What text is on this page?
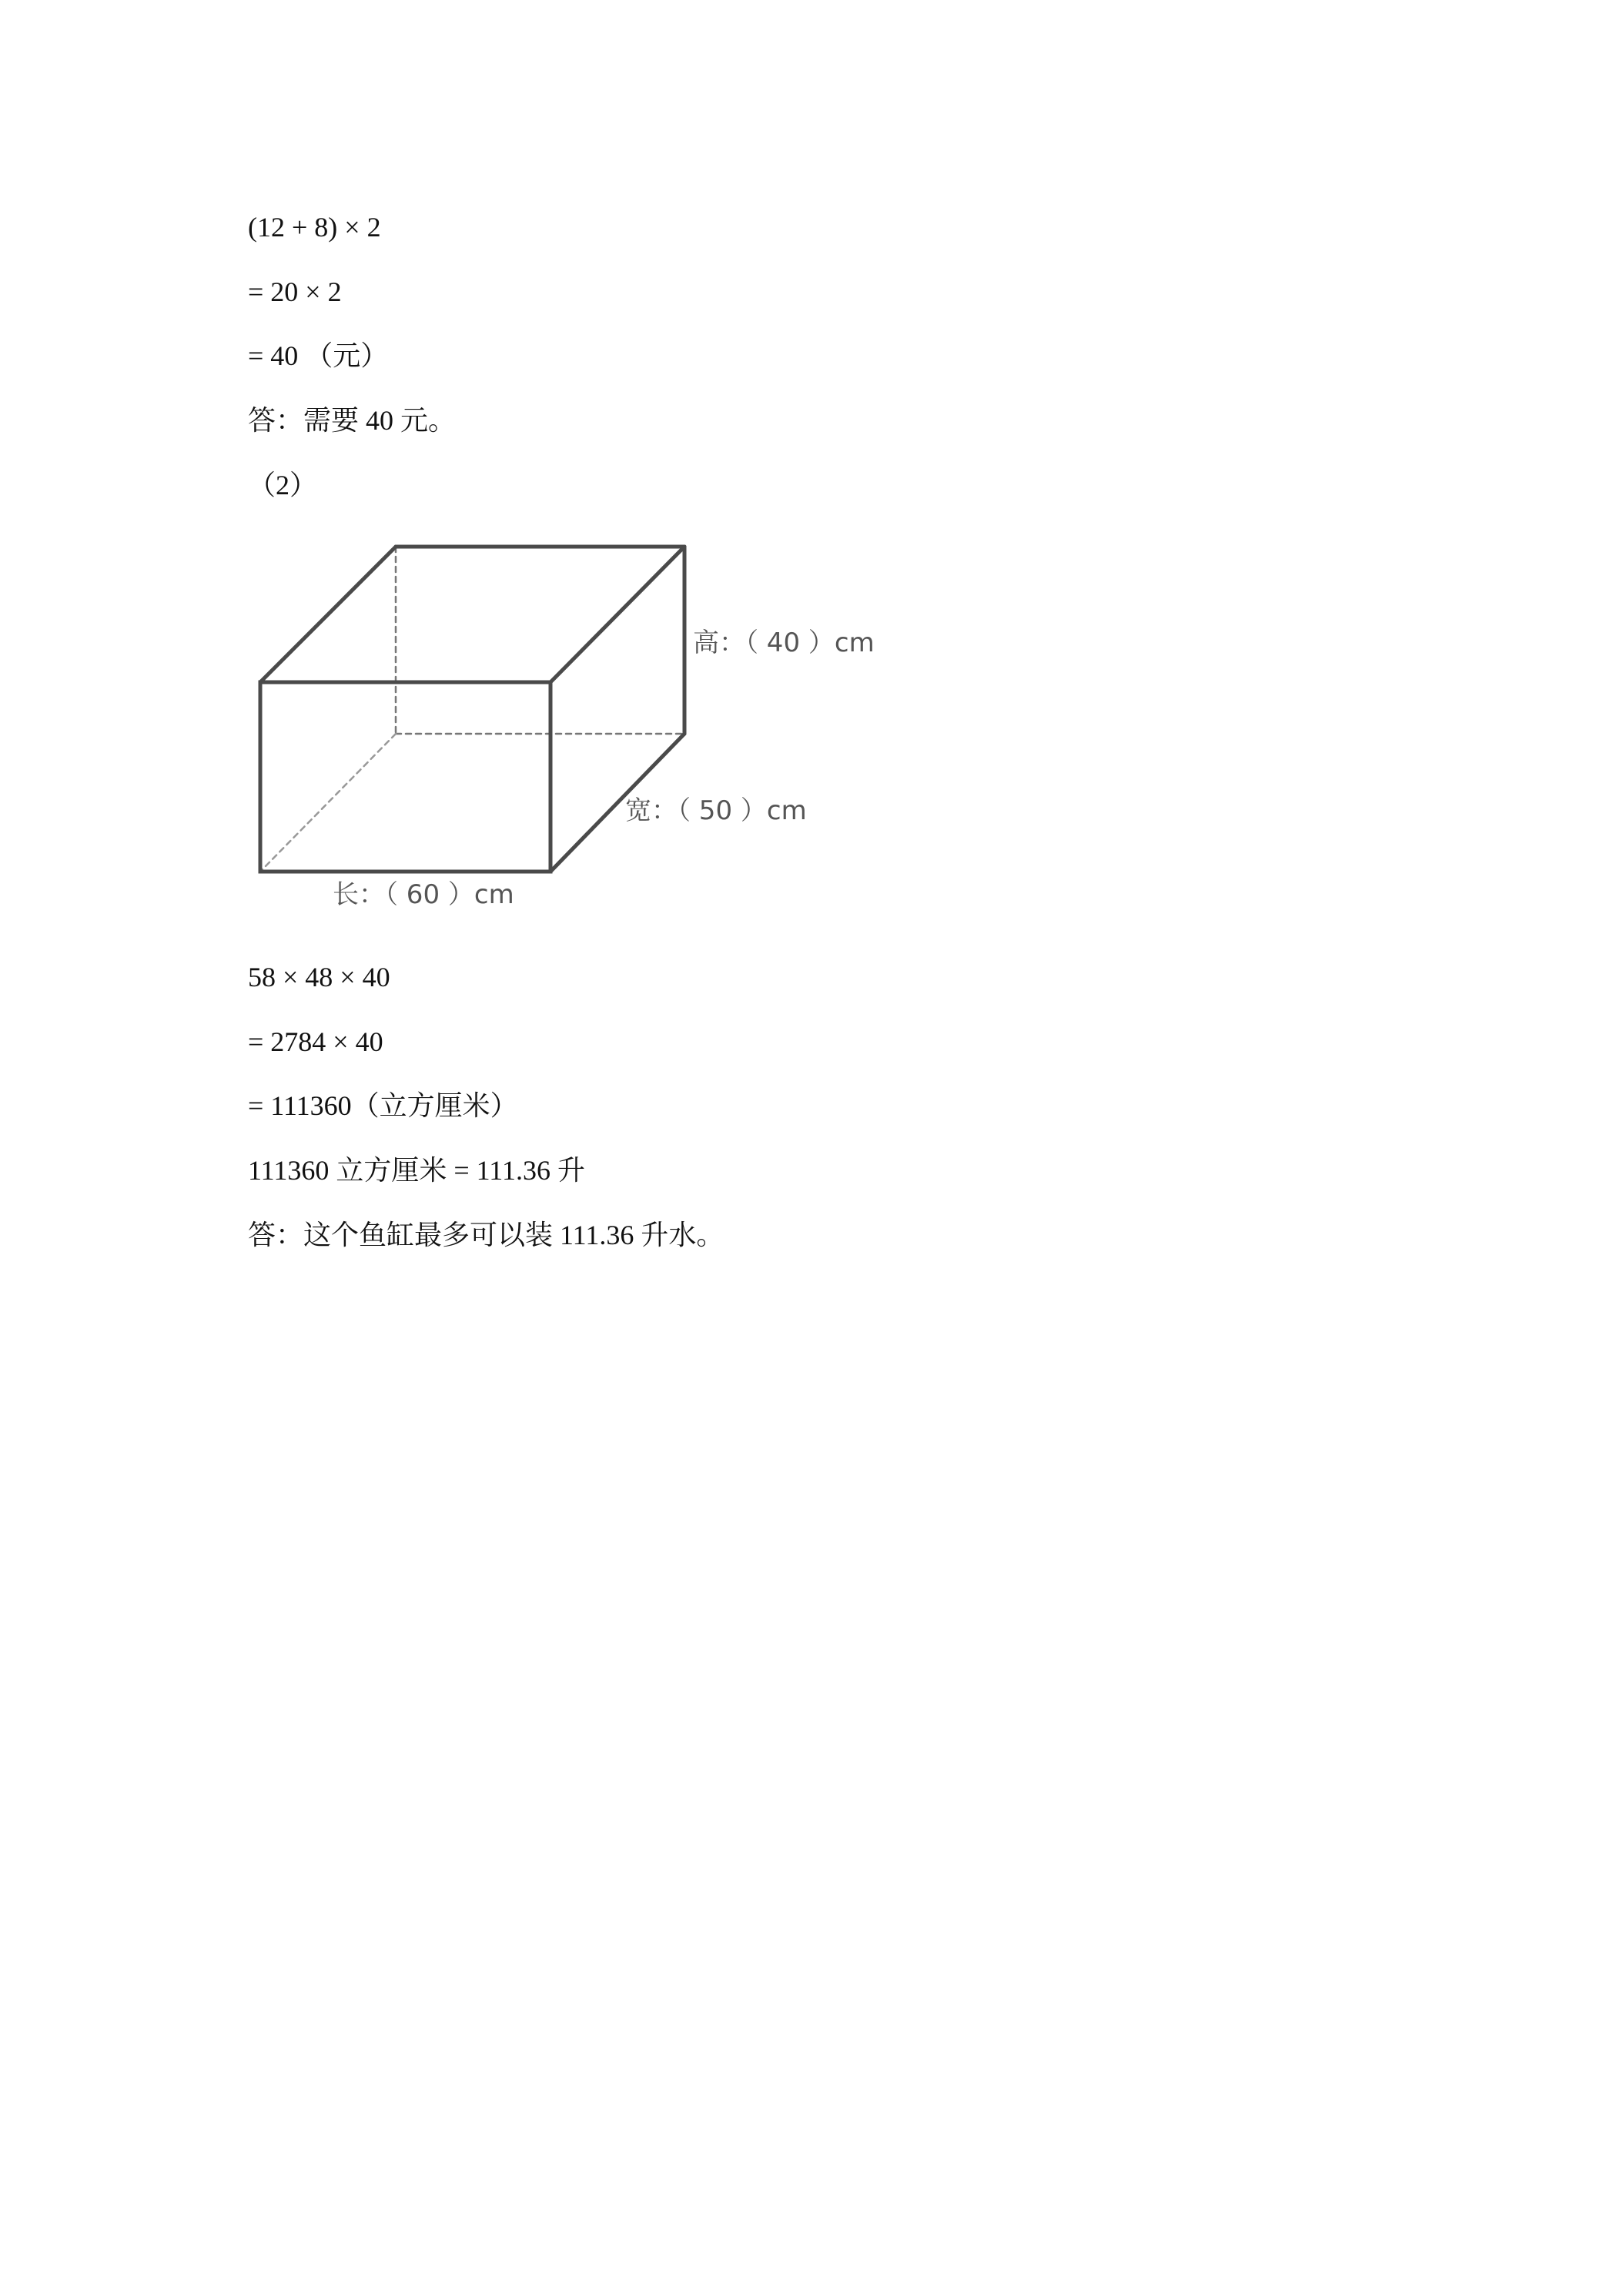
(12 + 8) × 2

= 20 × 2

= 40 （元）

答：需要 40 元。

（2）

高：（ 40 ）cm
宽：（ 50 ）cm
长：（ 60 ）cm

58 × 48 × 40

= 2784 × 40

= 111360（立方厘米）

111360 立方厘米 = 111.36 升

答：这个鱼缸最多可以装 111.36 升水。
